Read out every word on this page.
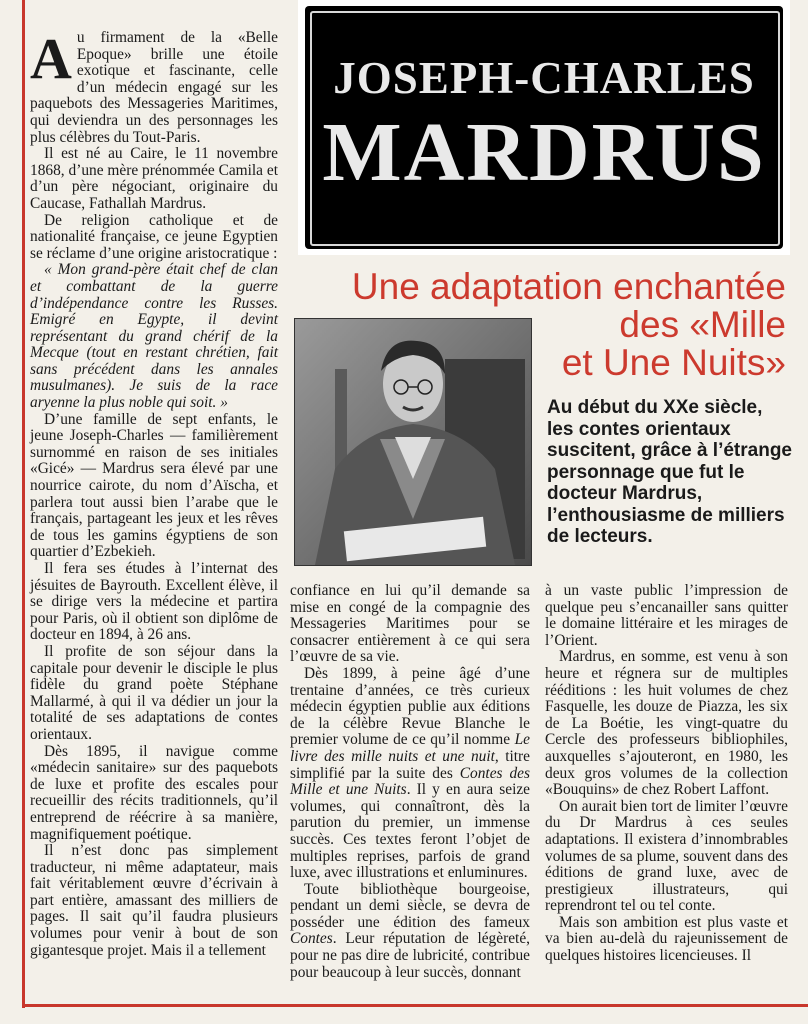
JOSEPH-CHARLES
MARDRUS
Une adaptation enchantée
des «Mille
et Une Nuits»
Au début du XXe siècle, les contes orientaux suscitent, grâce à l’étrange personnage que fut le docteur Mardrus, l’enthousiasme de milliers de lecteurs.

Au firmament de la «Belle Epoque» brille une étoile exotique et fascinante, celle d’un médecin engagé sur les paquebots des Messageries Maritimes, qui deviendra un des personnages les plus célèbres du Tout-Paris.

Il est né au Caire, le 11 novembre 1868, d’une mère prénommée Camila et d’un père négociant, originaire du Caucase, Fathallah Mardrus.

De religion catholique et de nationalité française, ce jeune Egyptien se réclame d’une origine aristocratique :

« Mon grand-père était chef de clan et combattant de la guerre d’indépendance contre les Russes. Emigré en Egypte, il devint représentant du grand chérif de la Mecque (tout en restant chrétien, fait sans précédent dans les annales musulmanes). Je suis de la race aryenne la plus noble qui soit. »

D’une famille de sept enfants, le jeune Joseph-Charles — familièrement surnommé en raison de ses initiales «Gicé» — Mardrus sera élevé par une nourrice cairote, du nom d’Aïscha, et parlera tout aussi bien l’arabe que le français, partageant les jeux et les rêves de tous les gamins égyptiens de son quartier d’Ezbekieh.

Il fera ses études à l’internat des jésuites de Bayrouth. Excellent élève, il se dirige vers la médecine et partira pour Paris, où il obtient son diplôme de docteur en 1894, à 26 ans.

Il profite de son séjour dans la capitale pour devenir le disciple le plus fidèle du grand poète Stéphane Mallarmé, à qui il va dédier un jour la totalité de ses adaptations de contes orientaux.

Dès 1895, il navigue comme «médecin sanitaire» sur des paquebots de luxe et profite des escales pour recueillir des récits traditionnels, qu’il entreprend de réécrire à sa manière, magnifiquement poétique.

Il n’est donc pas simplement traducteur, ni même adaptateur, mais fait véritablement œuvre d’écrivain à part entière, amassant des milliers de pages. Il sait qu’il faudra plusieurs volumes pour venir à bout de son gigantesque projet. Mais il a tellement

confiance en lui qu’il demande sa mise en congé de la compagnie des Messageries Maritimes pour se consacrer entièrement à ce qui sera l’œuvre de sa vie.

Dès 1899, à peine âgé d’une trentaine d’années, ce très curieux médecin égyptien publie aux éditions de la célèbre Revue Blanche le premier volume de ce qu’il nomme Le livre des mille nuits et une nuit, titre simplifié par la suite des Contes des Mille et une Nuits. Il y en aura seize volumes, qui connaîtront, dès la parution du premier, un immense succès. Ces textes feront l’objet de multiples reprises, parfois de grand luxe, avec illustrations et enluminures.

Toute bibliothèque bourgeoise, pendant un demi siècle, se devra de posséder une édition des fameux Contes. Leur réputation de légèreté, pour ne pas dire de lubricité, contribue pour beaucoup à leur succès, donnant

à un vaste public l’impression de quelque peu s’encanailler sans quitter le domaine littéraire et les mirages de l’Orient.

Mardrus, en somme, est venu à son heure et régnera sur de multiples rééditions : les huit volumes de chez Fasquelle, les douze de Piazza, les six de La Boétie, les vingt-quatre du Cercle des professeurs bibliophiles, auxquelles s’ajouteront, en 1980, les deux gros volumes de la collection «Bouquins» de chez Robert Laffont.

On aurait bien tort de limiter l’œuvre du Dr Mardrus à ces seules adaptations. Il existera d’innombrables volumes de sa plume, souvent dans des éditions de grand luxe, avec de prestigieux illustrateurs, qui reprendront tel ou tel conte.

Mais son ambition est plus vaste et va bien au-delà du rajeunissement de quelques histoires licencieuses. Il
